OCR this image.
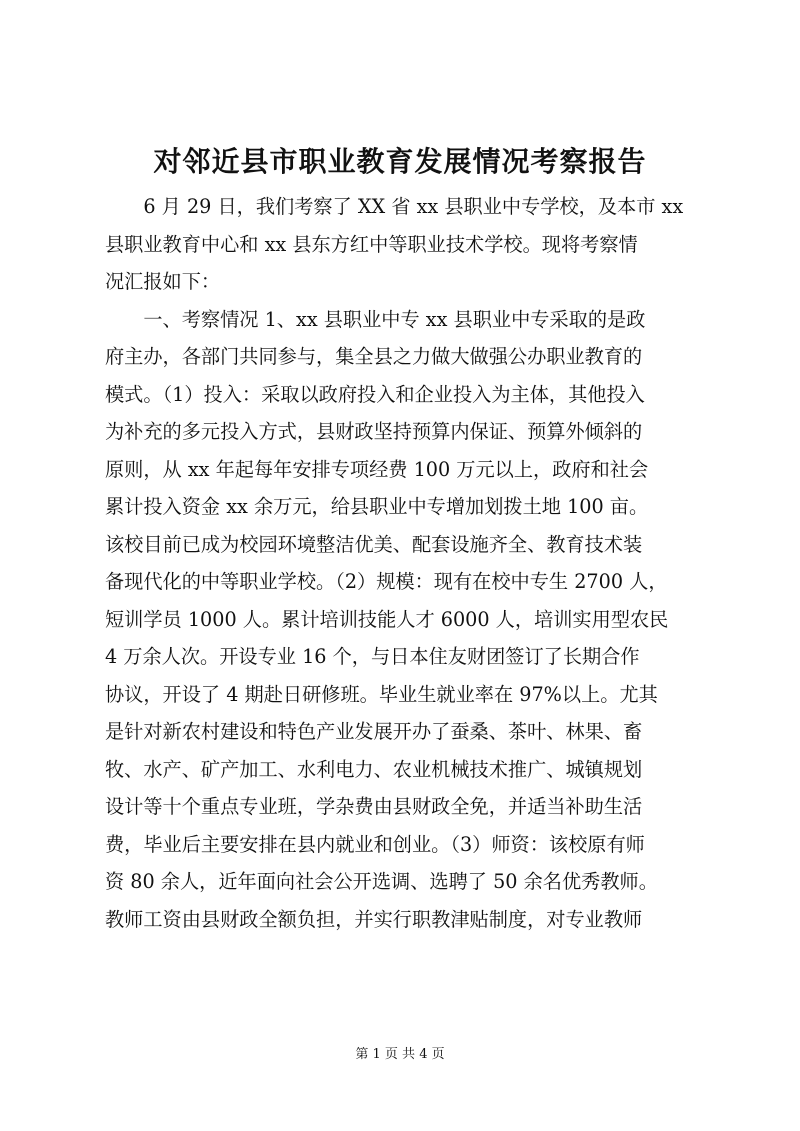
对邻近县市职业教育发展情况考察报告
　　6 月 29 日，我们考察了 XX 省 xx 县职业中专学校，及本市 xx
县职业教育中心和 xx 县东方红中等职业技术学校。现将考察情
况汇报如下：
　　一、考察情况 1、xx 县职业中专 xx 县职业中专采取的是政
府主办，各部门共同参与，集全县之力做大做强公办职业教育的
模式。（1）投入：采取以政府投入和企业投入为主体，其他投入
为补充的多元投入方式，县财政坚持预算内保证、预算外倾斜的
原则，从 xx 年起每年安排专项经费 100 万元以上，政府和社会
累计投入资金 xx 余万元，给县职业中专增加划拨土地 100 亩。
该校目前已成为校园环境整洁优美、配套设施齐全、教育技术装
备现代化的中等职业学校。（2）规模：现有在校中专生 2700 人，
短训学员 1000 人。累计培训技能人才 6000 人，培训实用型农民
4 万余人次。开设专业 16 个，与日本住友财团签订了长期合作
协议，开设了 4 期赴日研修班。毕业生就业率在 97%以上。尤其
是针对新农村建设和特色产业发展开办了蚕桑、茶叶、林果、畜
牧、水产、矿产加工、水利电力、农业机械技术推广、城镇规划
设计等十个重点专业班，学杂费由县财政全免，并适当补助生活
费，毕业后主要安排在县内就业和创业。（3）师资：该校原有师
资 80 余人，近年面向社会公开选调、选聘了 50 余名优秀教师。
教师工资由县财政全额负担，并实行职教津贴制度，对专业教师
第 1 页 共 4 页
